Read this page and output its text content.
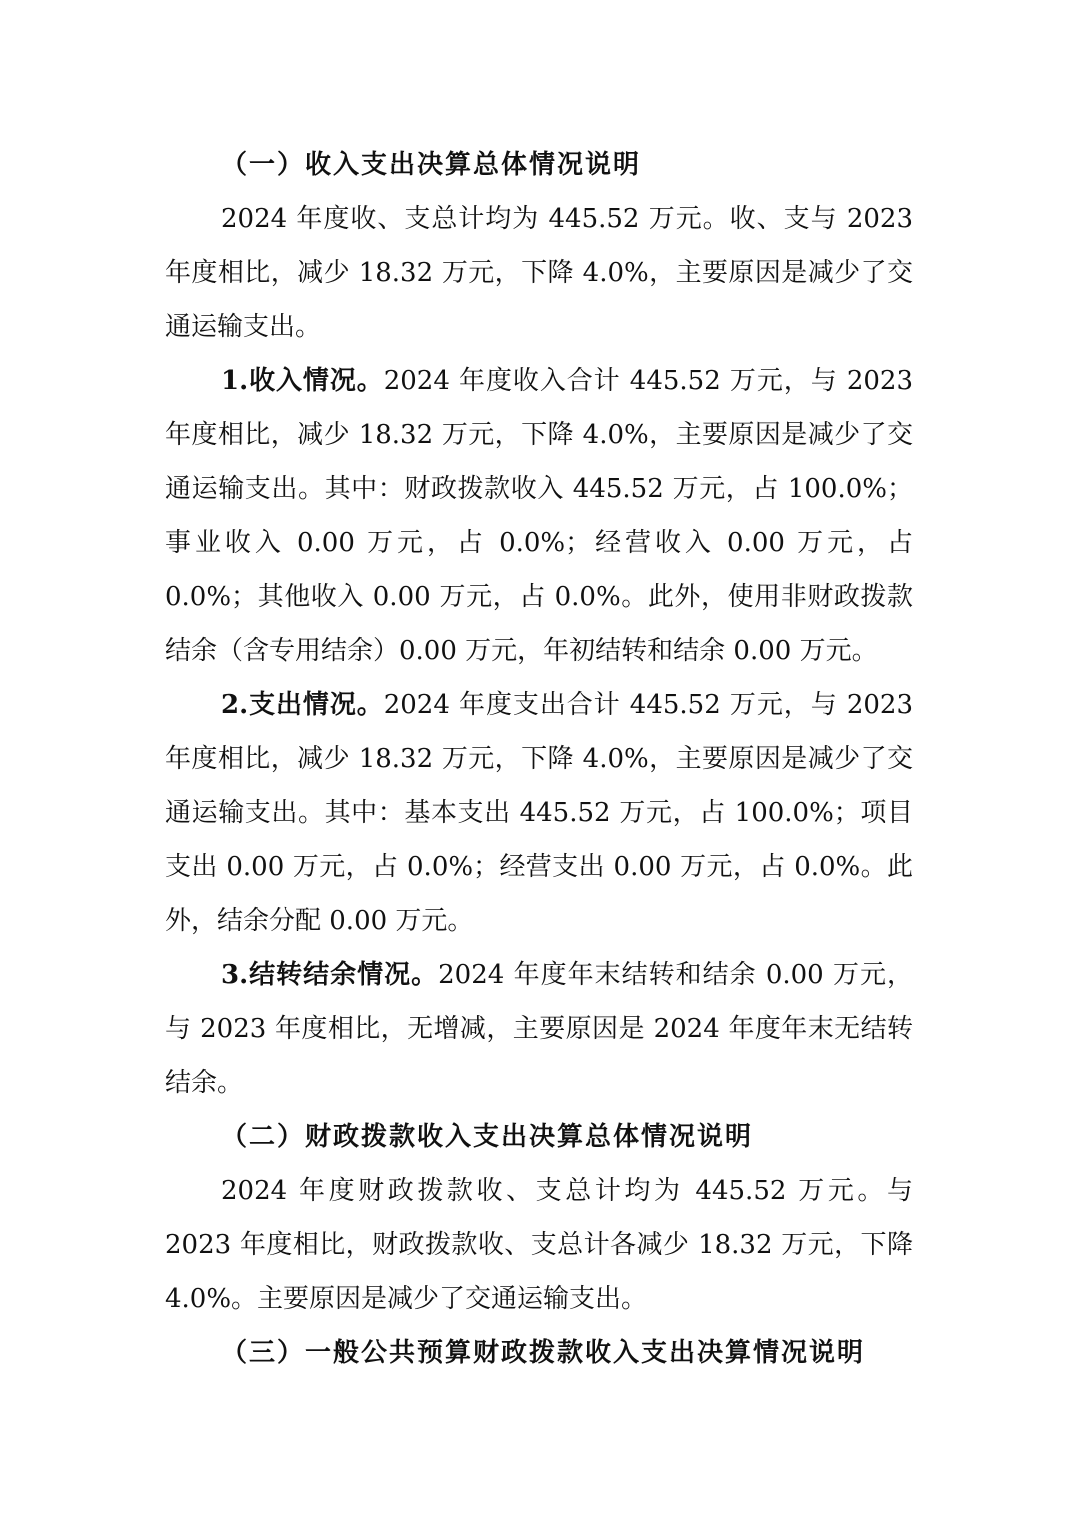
（一）收入支出决算总体情况说明

2024 年度收、支总计均为 445.52 万元。收、支与 2023 年度相比，减少 18.32 万元，下降 4.0%，主要原因是减少了交通运输支出。

1.收入情况。2024 年度收入合计 445.52 万元，与 2023 年度相比，减少 18.32 万元，下降 4.0%，主要原因是减少了交通运输支出。其中：财政拨款收入 445.52 万元，占 100.0%；事业收入 0.00 万元，占 0.0%；经营收入 0.00 万元，占 0.0%；其他收入 0.00 万元，占 0.0%。此外，使用非财政拨款结余（含专用结余）0.00 万元，年初结转和结余 0.00 万元。

2.支出情况。2024 年度支出合计 445.52 万元，与 2023 年度相比，减少 18.32 万元，下降 4.0%，主要原因是减少了交通运输支出。其中：基本支出 445.52 万元，占 100.0%；项目支出 0.00 万元，占 0.0%；经营支出 0.00 万元，占 0.0%。此外，结余分配 0.00 万元。

3.结转结余情况。2024 年度年末结转和结余 0.00 万元，与 2023 年度相比，无增减，主要原因是 2024 年度年末无结转结余。

（二）财政拨款收入支出决算总体情况说明

2024 年度财政拨款收、支总计均为 445.52 万元。与 2023 年度相比，财政拨款收、支总计各减少 18.32 万元，下降 4.0%。主要原因是减少了交通运输支出。

（三）一般公共预算财政拨款收入支出决算情况说明
